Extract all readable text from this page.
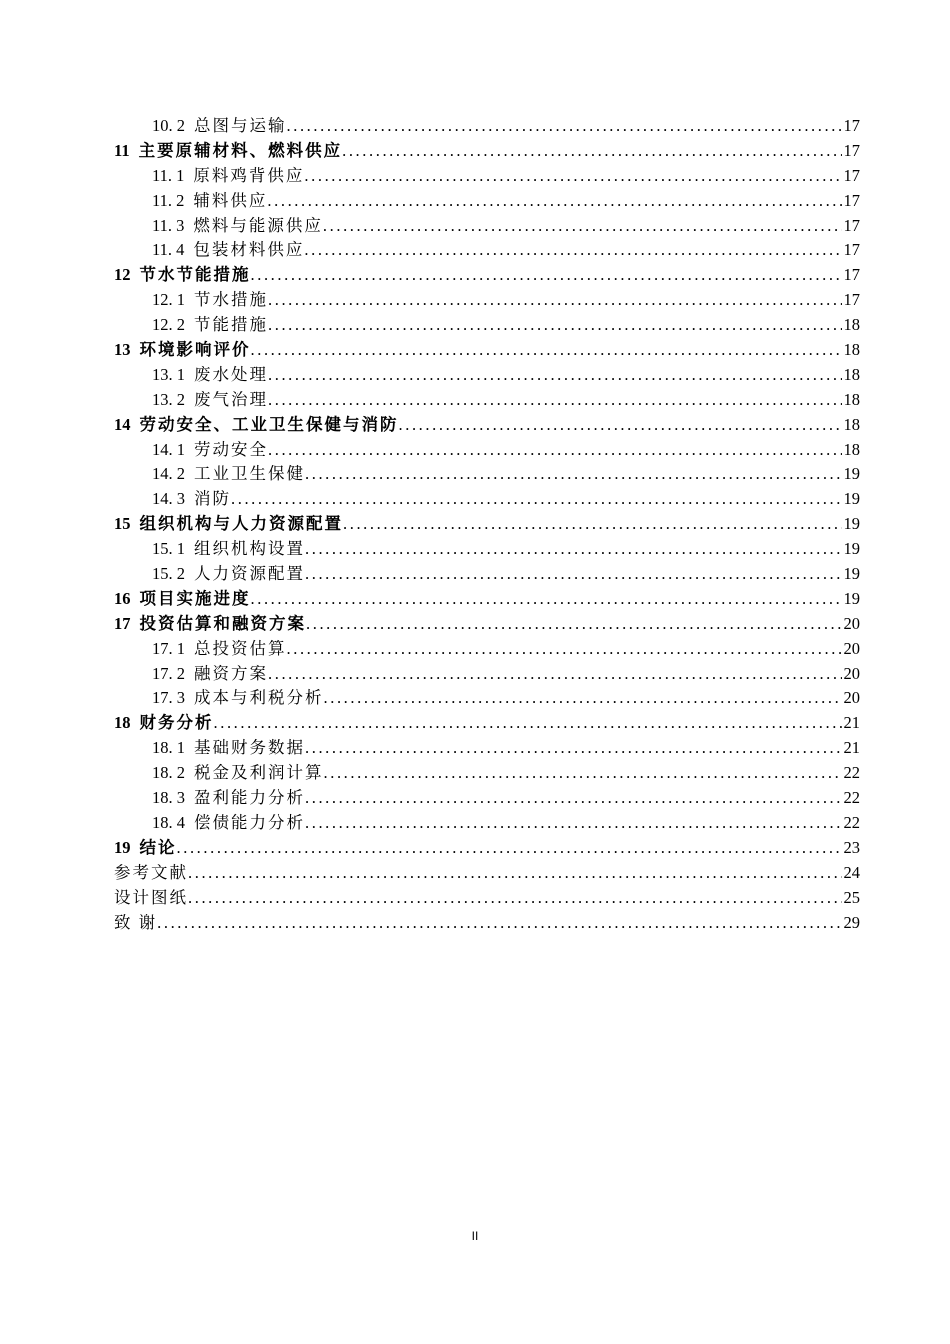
10. 2 总图与运输 .....	17
11 主要原辅材料、燃料供应 .....	17
11. 1 原料鸡背供应 .....	17
11. 2 辅料供应 .....	17
11. 3 燃料与能源供应 .....	17
11. 4 包装材料供应 .....	17
12 节水节能措施 .....	17
12. 1 节水措施 .....	17
12. 2 节能措施 .....	18
13 环境影响评价 .....	18
13. 1 废水处理 .....	18
13. 2 废气治理 .....	18
14 劳动安全、工业卫生保健与消防 .....	18
14. 1 劳动安全 .....	18
14. 2 工业卫生保健 .....	19
14. 3 消防 .....	19
15 组织机构与人力资源配置 .....	19
15. 1 组织机构设置 .....	19
15. 2 人力资源配置 .....	19
16 项目实施进度 .....	19
17 投资估算和融资方案 .....	20
17. 1 总投资估算 .....	20
17. 2 融资方案 .....	20
17. 3 成本与利税分析 .....	20
18 财务分析 .....	21
18. 1 基础财务数据 .....	21
18. 2 税金及利润计算 .....	22
18. 3 盈利能力分析 .....	22
18. 4 偿债能力分析 .....	22
19 结论 .....	23
参考文献 .....	24
设计图纸 .....	25
致 谢 .....	29
II
